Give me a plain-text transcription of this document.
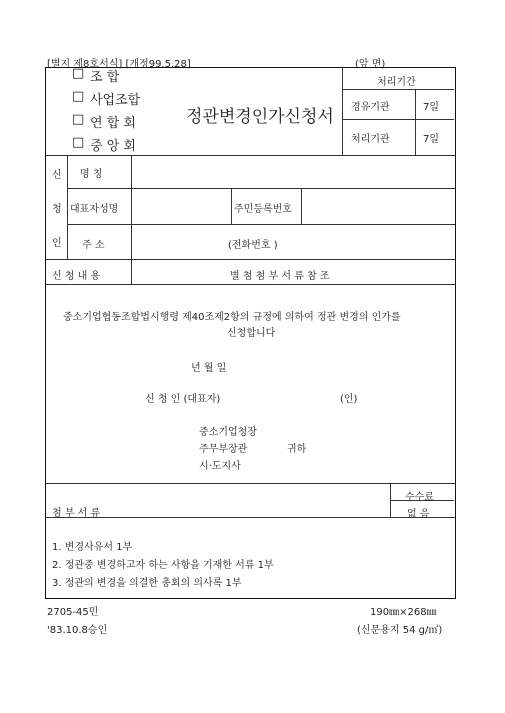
[별지 제8호서식] [개정99.5.28]	(앞 면)
□ 조 합
□ 사업조합
□ 연 합 회
□ 중 앙 회
정관변경인가신청서
처리기간
경유기관	7일
처리기관	7일
신
청
인
명 칭
대표자성명	주민등록번호
주 소	(전화번호 )
신 청 내 용	별 첨 첨 부 서 류 참 조
중소기업협동조합법시행령 제40조제2항의 규정에 의하여 정관 변경의 인가를
신청합니다
년 월 일
신 청 인 (대표자)	(인)
중소기업청장
주무부장관
시·도지사
귀하
첨 부 서 류
수수료
없 음
1. 변경사유서 1부
2. 정관중 변경하고자 하는 사항을 기재한 서류 1부
3. 정관의 변경을 의결한 총회의 의사록 1부
2705-45민
'83.10.8승인
190㎜×268㎜
(신문용지 54 g/㎡)
